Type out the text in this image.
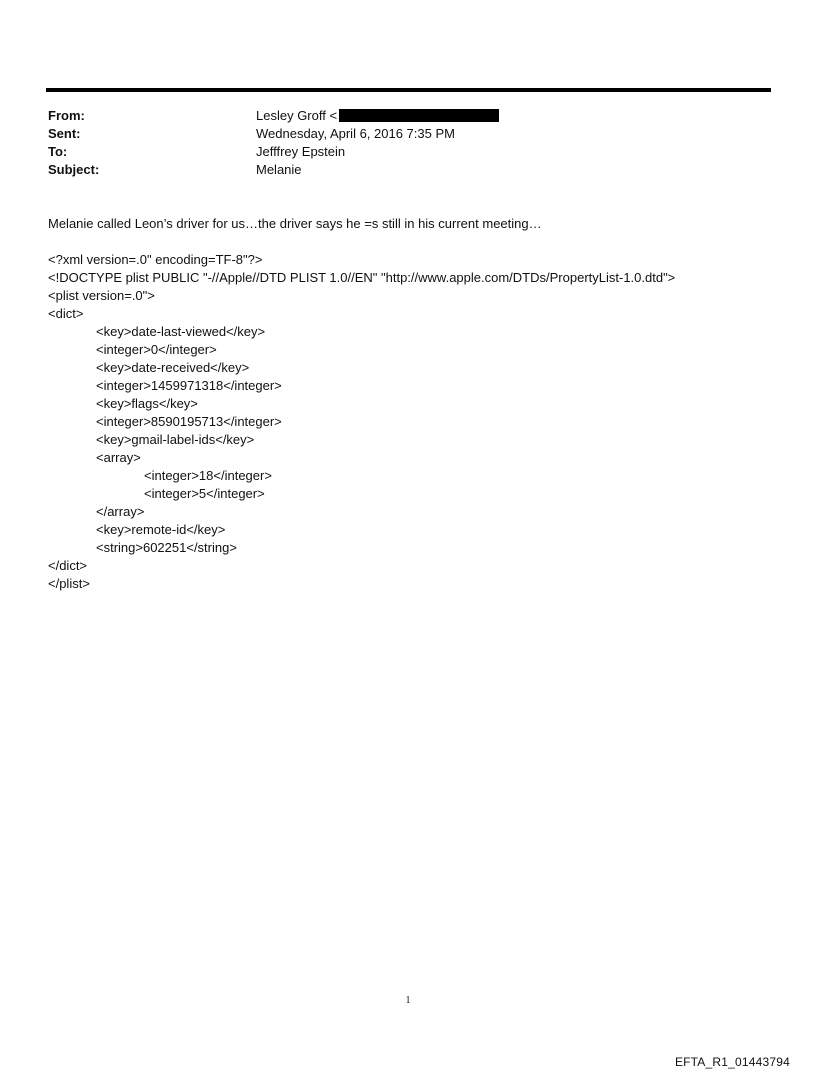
From:	Lesley Groff <
Sent:	Wednesday, April 6, 2016 7:35 PM
To:	Jefffrey Epstein
Subject:	Melanie
Melanie called Leon’s driver for us…the driver says he =s still in his current meeting…
<?xml version=.0" encoding=TF-8"?>
<!DOCTYPE plist PUBLIC "-//Apple//DTD PLIST 1.0//EN" "http://www.apple.com/DTDs/PropertyList-1.0.dtd">
<plist version=.0">
<dict>
<key>date-last-viewed</key>
<integer>0</integer>
<key>date-received</key>
<integer>1459971318</integer>
<key>flags</key>
<integer>8590195713</integer>
<key>gmail-label-ids</key>
<array>
<integer>18</integer>
<integer>5</integer>
</array>
<key>remote-id</key>
<string>602251</string>
</dict>
</plist>
1
EFTA_R1_01443794
